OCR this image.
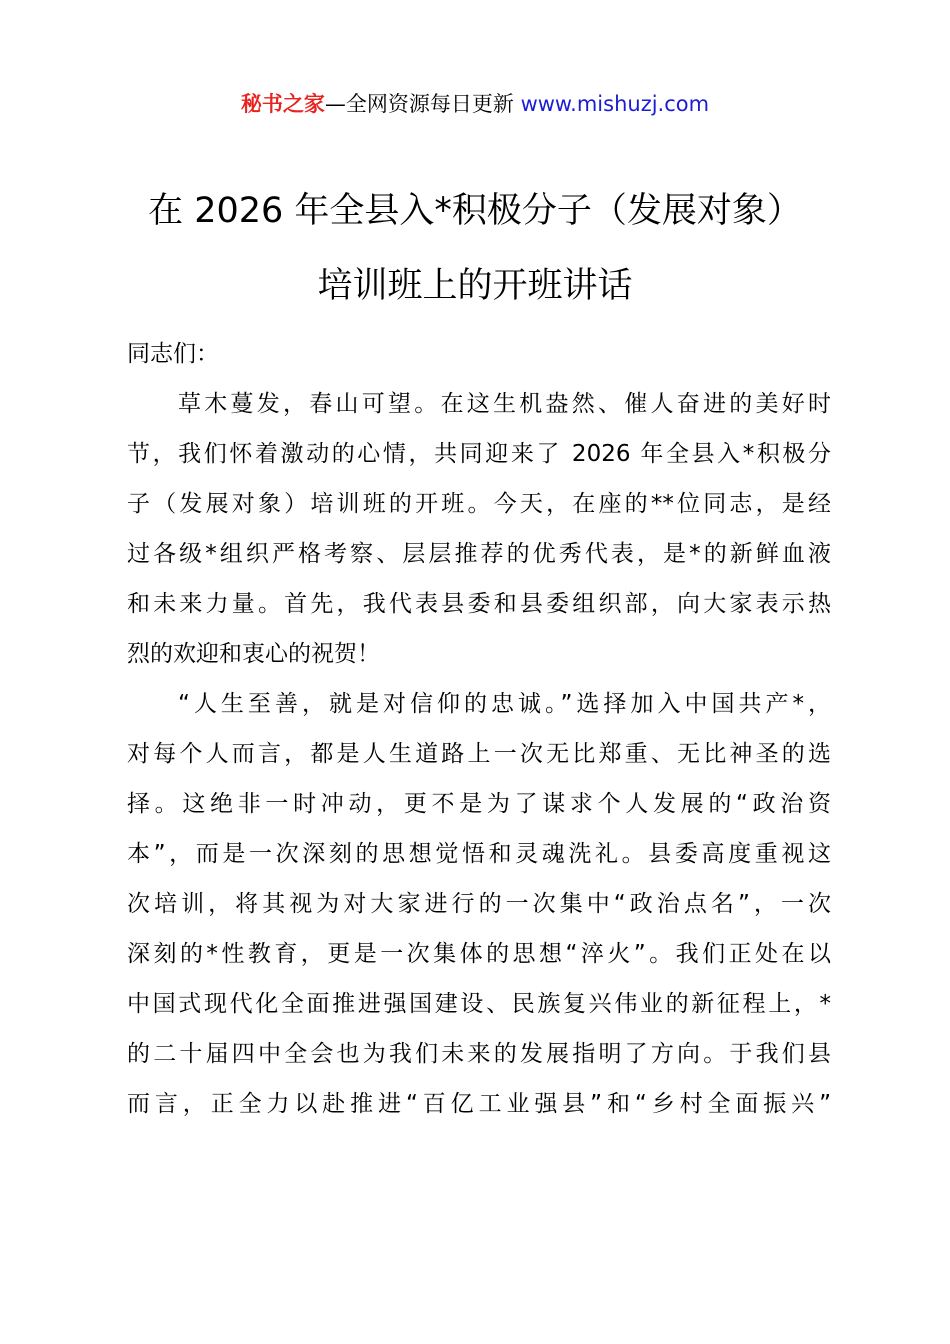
秘书之家—全网资源每日更新 www.mishuzj.com
在 2026 年全县入*积极分子（发展对象）
培训班上的开班讲话
同志们：
草木蔓发，春山可望。在这生机盎然、催人奋进的美好时
节，我们怀着激动的心情，共同迎来了 2026 年全县入*积极分
子（发展对象）培训班的开班。今天，在座的**位同志，是经
过各级*组织严格考察、层层推荐的优秀代表，是*的新鲜血液
和未来力量。首先，我代表县委和县委组织部，向大家表示热
烈的欢迎和衷心的祝贺！
“人生至善，就是对信仰的忠诚。”选择加入中国共产*，
对每个人而言，都是人生道路上一次无比郑重、无比神圣的选
择。这绝非一时冲动，更不是为了谋求个人发展的“政治资
本”，而是一次深刻的思想觉悟和灵魂洗礼。县委高度重视这
次培训，将其视为对大家进行的一次集中“政治点名”，一次
深刻的*性教育，更是一次集体的思想“淬火”。我们正处在以
中国式现代化全面推进强国建设、民族复兴伟业的新征程上，*
的二十届四中全会也为我们未来的发展指明了方向。于我们县
而言，正全力以赴推进“百亿工业强县”和“乡村全面振兴”
